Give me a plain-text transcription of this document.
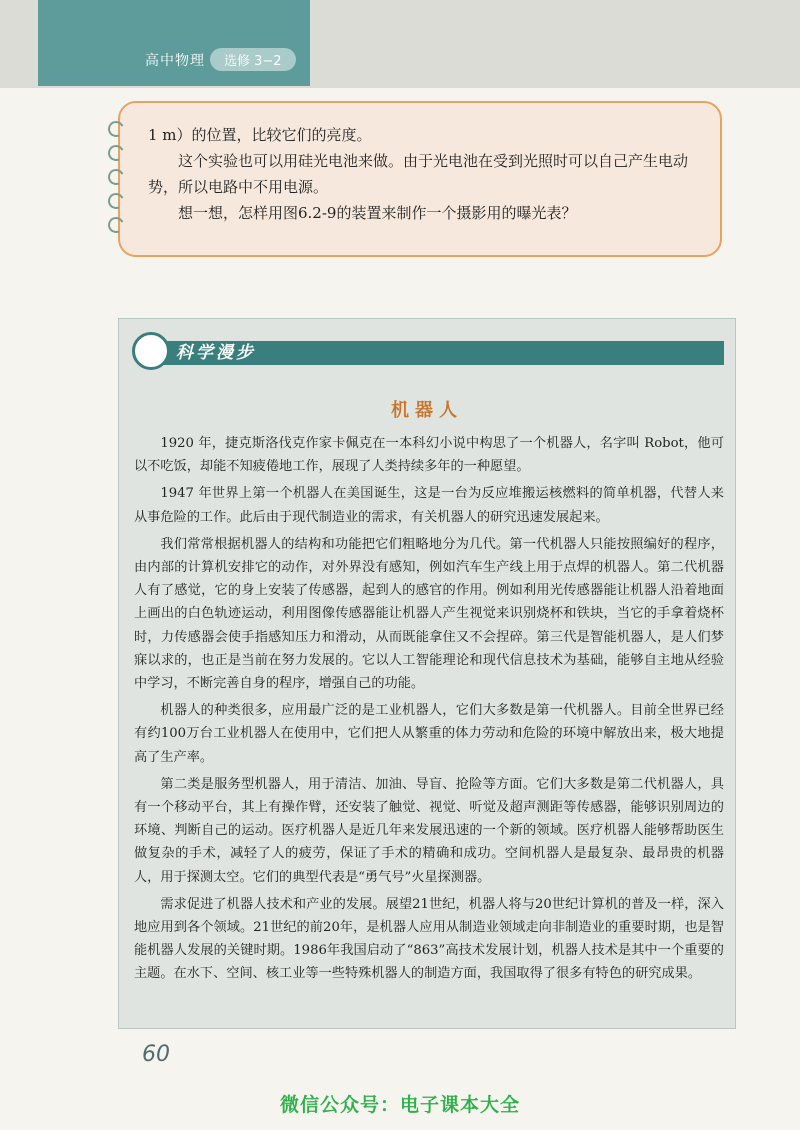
高中物理	选修 3−2

1 m）的位置，比较它们的亮度。

这个实验也可以用硅光电池来做。由于光电池在受到光照时可以自己产生电动势，所以电路中不用电源。

想一想，怎样用图6.2-9的装置来制作一个摄影用的曝光表？

科学漫步
机器人

1920 年，捷克斯洛伐克作家卡佩克在一本科幻小说中构思了一个机器人，名字叫 Robot，他可以不吃饭，却能不知疲倦地工作，展现了人类持续多年的一种愿望。

1947 年世界上第一个机器人在美国诞生，这是一台为反应堆搬运核燃料的简单机器，代替人来从事危险的工作。此后由于现代制造业的需求，有关机器人的研究迅速发展起来。

我们常常根据机器人的结构和功能把它们粗略地分为几代。第一代机器人只能按照编好的程序，由内部的计算机安排它的动作，对外界没有感知，例如汽车生产线上用于点焊的机器人。第二代机器人有了感觉，它的身上安装了传感器，起到人的感官的作用。例如利用光传感器能让机器人沿着地面上画出的白色轨迹运动，利用图像传感器能让机器人产生视觉来识别烧杯和铁块，当它的手拿着烧杯时，力传感器会使手指感知压力和滑动，从而既能拿住又不会捏碎。第三代是智能机器人，是人们梦寐以求的，也正是当前在努力发展的。它以人工智能理论和现代信息技术为基础，能够自主地从经验中学习，不断完善自身的程序，增强自己的功能。

机器人的种类很多，应用最广泛的是工业机器人，它们大多数是第一代机器人。目前全世界已经有约100万台工业机器人在使用中，它们把人从繁重的体力劳动和危险的环境中解放出来，极大地提高了生产率。

第二类是服务型机器人，用于清洁、加油、导盲、抢险等方面。它们大多数是第二代机器人，具有一个移动平台，其上有操作臂，还安装了触觉、视觉、听觉及超声测距等传感器，能够识别周边的环境、判断自己的运动。医疗机器人是近几年来发展迅速的一个新的领域。医疗机器人能够帮助医生做复杂的手术，减轻了人的疲劳，保证了手术的精确和成功。空间机器人是最复杂、最昂贵的机器人，用于探测太空。它们的典型代表是“勇气号”火星探测器。

需求促进了机器人技术和产业的发展。展望21世纪，机器人将与20世纪计算机的普及一样，深入地应用到各个领域。21世纪的前20年，是机器人应用从制造业领域走向非制造业的重要时期，也是智能机器人发展的关键时期。1986年我国启动了“863”高技术发展计划，机器人技术是其中一个重要的主题。在水下、空间、核工业等一些特殊机器人的制造方面，我国取得了很多有特色的研究成果。

60
微信公众号：电子课本大全
